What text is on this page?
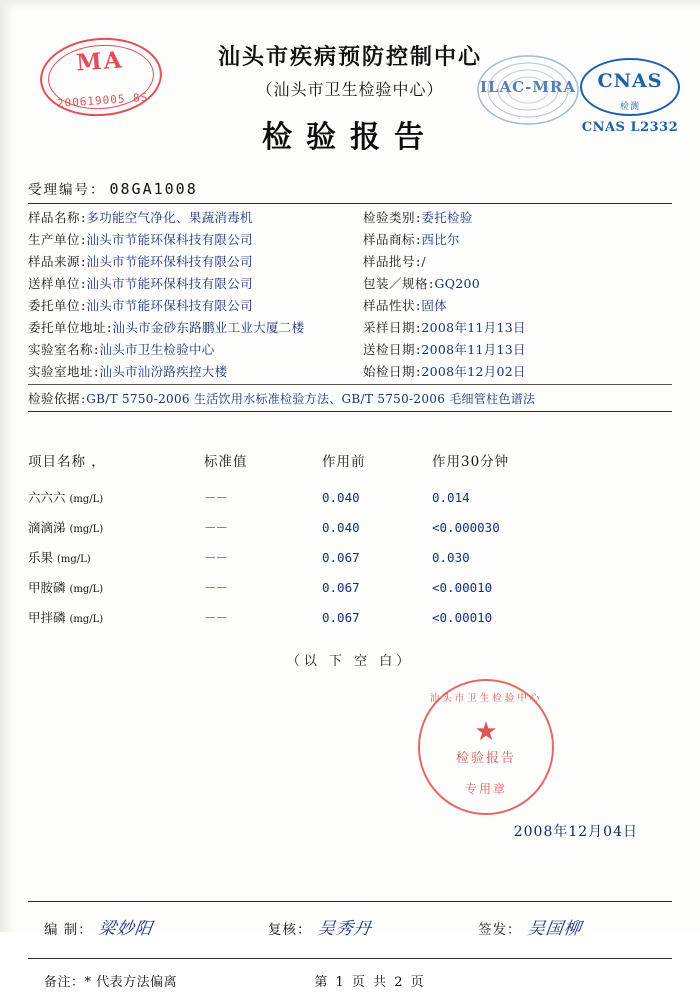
MA
200619005 8S
汕头市疾病预防控制中心
（汕头市卫生检验中心）
检验报告
ILAC-MRA	CNAS
检测
CNAS L2332
受理编号： 08GA1008
样品名称 : 多功能空气净化、果蔬消毒机	检验类别 : 委托检验
生产单位 : 汕头市节能环保科技有限公司	样品商标 : 西比尔
样品来源 : 汕头市节能环保科技有限公司	样品批号 : /
送样单位 : 汕头市节能环保科技有限公司	包装／规格 : GQ200
委托单位 : 汕头市节能环保科技有限公司	样品性状 : 固体
委托单位地址 : 汕头市金砂东路鹏业工业大厦二楼	采样日期 : 2008年11月13日
实验室名称 : 汕头市卫生检验中心	送检日期 : 2008年11月13日
实验室地址 : 汕头市汕汾路疾控大楼	始检日期 : 2008年12月02日
检验依据 : GB/T 5750-2006 生活饮用水标准检验方法、GB/T 5750-2006 毛细管柱色谱法
项目名称 ，	标准值	作用前	作用30分钟
六六六 (mg/L)	－－	0.040	0.014
滴滴涕 (mg/L)	－－	0.040	<0.000030
乐果 (mg/L)	－－	0.067	0.030
甲胺磷 (mg/L)	－－	0.067	<0.00010
甲拌磷 (mg/L)	－－	0.067	<0.00010
（以 下 空 白）
汕头市卫生检验中心
★
检验报告
专用章
2008年12月04日
编 制： 梁妙阳	复核： 吴秀丹	签发： 吴国柳
备注：* 代表方法偏离	第 1 页 共 2 页
